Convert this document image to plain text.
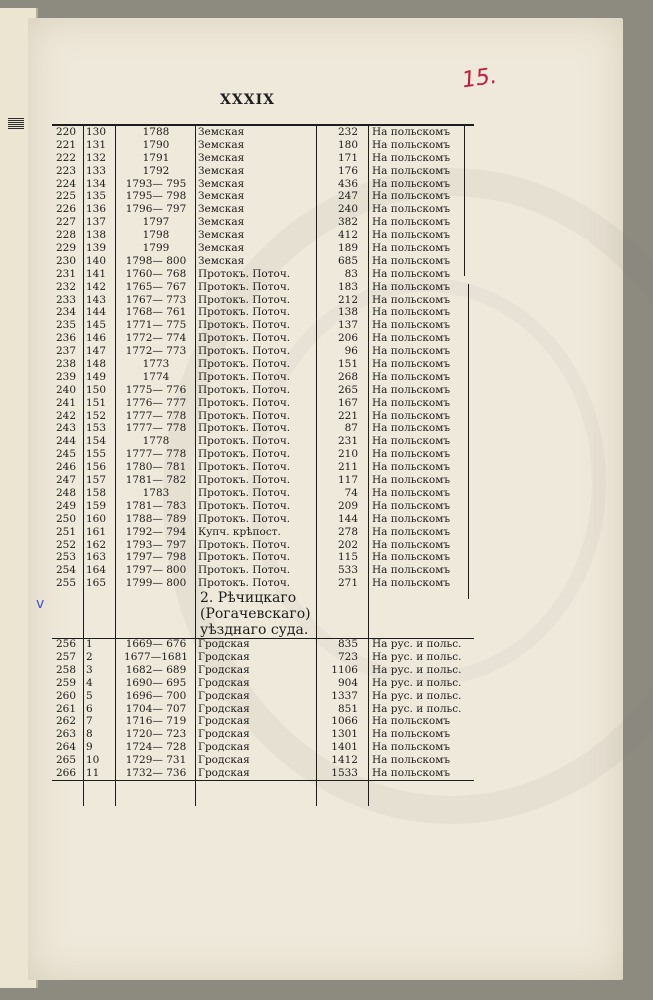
XXXIX
15.
v
220 130	1788	Земская	232 На польскомъ
221 131	1790	Земская	180 На польскомъ
222 132	1791	Земская	171 На польскомъ
223 133	1792	Земская	176 На польскомъ
224 134	1793— 795	Земская	436 На польскомъ
225 135	1795— 798	Земская	247 На польскомъ
226 136	1796— 797	Земская	240 На польскомъ
227 137	1797	Земская	382 На польскомъ
228 138	1798	Земская	412 На польскомъ
229 139	1799	Земская	189 На польскомъ
230 140	1798— 800	Земская	685 На польскомъ
231 141	1760— 768	Протокъ. Поточ.	83 На польскомъ
232 142	1765— 767	Протокъ. Поточ.	183 На польскомъ
233 143	1767— 773	Протокъ. Поточ.	212 На польскомъ
234 144	1768— 761	Протокъ. Поточ.	138 На польскомъ
235 145	1771— 775	Протокъ. Поточ.	137 На польскомъ
236 146	1772— 774	Протокъ. Поточ.	206 На польскомъ
237 147	1772— 773	Протокъ. Поточ.	96 На польскомъ
238 148	1773	Протокъ. Поточ.	151 На польскомъ
239 149	1774	Протокъ. Поточ.	268 На польскомъ
240 150	1775— 776	Протокъ. Поточ.	265 На польскомъ
241 151	1776— 777	Протокъ. Поточ.	167 На польскомъ
242 152	1777— 778	Протокъ. Поточ.	221 На польскомъ
243 153	1777— 778	Протокъ. Поточ.	87 На польскомъ
244 154	1778	Протокъ. Поточ.	231 На польскомъ
245 155	1777— 778	Протокъ. Поточ.	210 На польскомъ
246 156	1780— 781	Протокъ. Поточ.	211 На польскомъ
247 157	1781— 782	Протокъ. Поточ.	117 На польскомъ
248 158	1783	Протокъ. Поточ.	74 На польскомъ
249 159	1781— 783	Протокъ. Поточ.	209 На польскомъ
250 160	1788— 789	Протокъ. Поточ.	144 На польскомъ
251 161	1792— 794	Купч. крѣпост.	278 На польскомъ
252 162	1793— 797	Протокъ. Поточ.	202 На польскомъ
253 163	1797— 798	Протокъ. Поточ.	115 На польскомъ
254 164	1797— 800	Протокъ. Поточ.	533 На польскомъ
255 165	1799— 800	Протокъ. Поточ.	271 На польскомъ
2. Рѣчицкаго
(Рогачевскаго)
уѣзднаго суда.
256 1	1669— 676	Гродская	835 На рус. и польс.
257 2	1677—1681 Гродская	723 На рус. и польс.
258 3	1682— 689	Гродская	1106 На рус. и польс.
259 4	1690— 695	Гродская	904 На рус. и польс.
260 5	1696— 700	Гродская	1337 На рус. и польс.
261 6	1704— 707	Гродская	851 На рус. и польс.
262 7	1716— 719	Гродская	1066 На польскомъ
263 8	1720— 723	Гродская	1301 На польскомъ
264 9	1724— 728	Гродская	1401 На польскомъ
265 10	1729— 731	Гродская	1412 На польскомъ
266 11	1732— 736	Гродская	1533 На польскомъ
